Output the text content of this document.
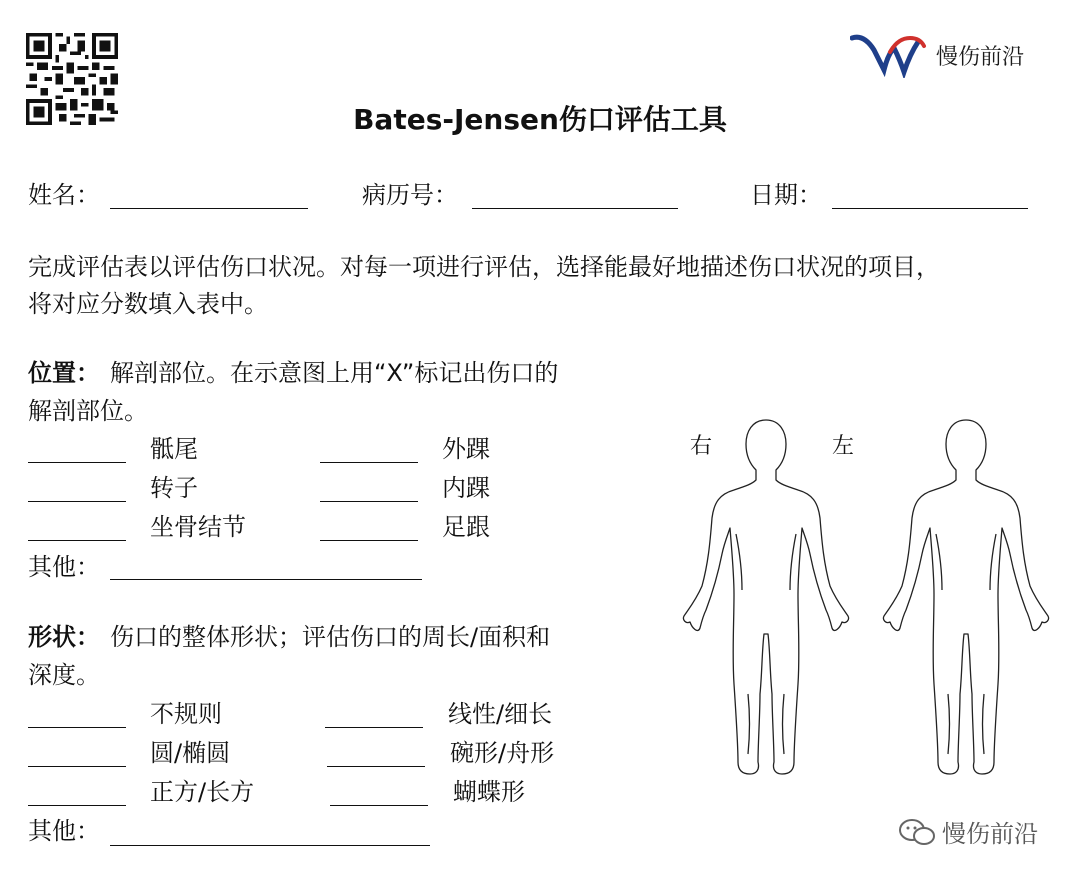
慢伤前沿
Bates-Jensen伤口评估工具
姓名：	病历号：	日期：
完成评估表以评估伤口状况。对每一项进行评估，选择能最好地描述伤口状况的项目，
将对应分数填入表中。
位置： 解剖部位。在示意图上用“X”标记出伤口的
解剖部位。
骶尾	外踝
转子	内踝
坐骨结节	足跟
其他：
形状： 伤口的整体形状；评估伤口的周长/面积和
深度。
不规则	线性/细长
圆/椭圆	碗形/舟形
正方/长方	蝴蝶形
其他：
右	左
慢伤前沿
